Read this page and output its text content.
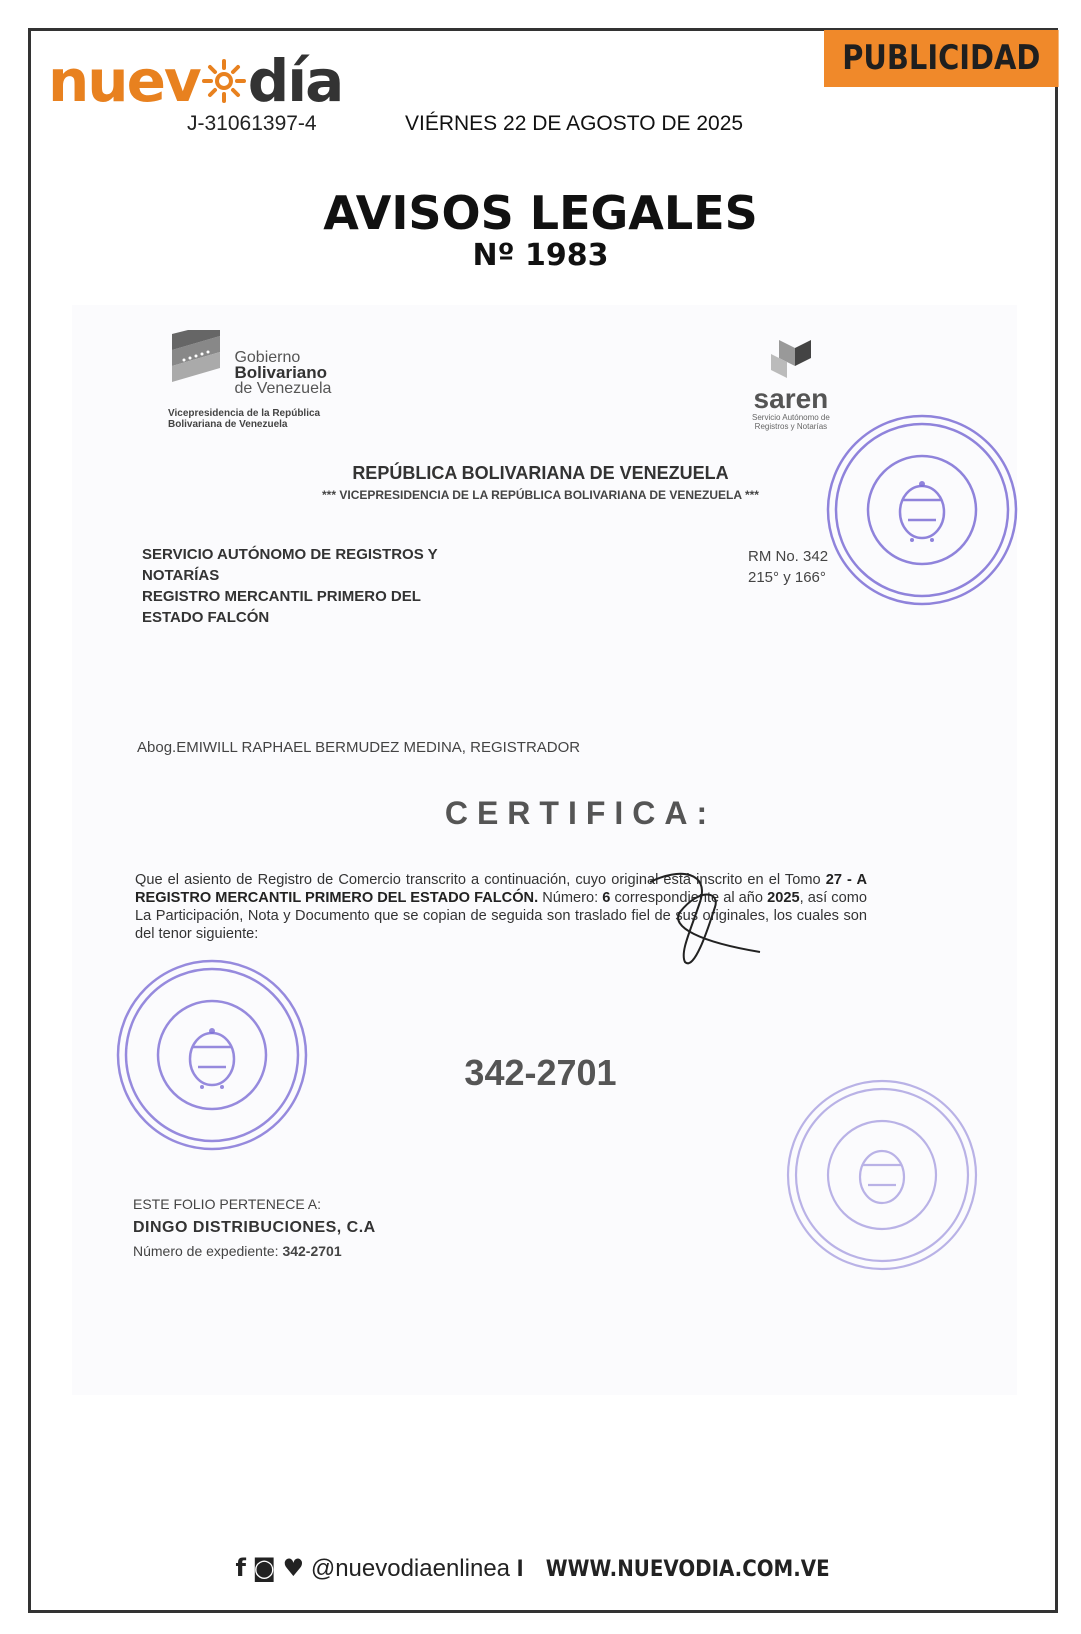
nuev día
J-31061397-4	VIÉRNES 22 DE AGOSTO DE 2025
PUBLICIDAD
AVISOS LEGALES
Nº 1983

Gobierno
Bolivariano
de Venezuela
Vicepresidencia de la República
Bolivariana de Venezuela
saren
Servicio Autónomo de
Registros y Notarías
REPÚBLICA BOLIVARIANA DE VENEZUELA
*** VICEPRESIDENCIA DE LA REPÚBLICA BOLIVARIANA DE VENEZUELA ***
SERVICIO AUTÓNOMO DE REGISTROS Y
NOTARÍAS
REGISTRO MERCANTIL PRIMERO DEL
ESTADO FALCÓN
RM No. 342
215° y 166°
Abog.EMIWILL RAPHAEL BERMUDEZ MEDINA, REGISTRADOR
CERTIFICA:
Que el asiento de Registro de Comercio transcrito a continuación, cuyo original está inscrito en el Tomo 27 - A REGISTRO MERCANTIL PRIMERO DEL ESTADO FALCÓN. Número: 6 correspondiente al año 2025, así como La Participación, Nota y Documento que se copian de seguida son traslado fiel de sus originales, los cuales son del tenor siguiente:
342-2701
ESTE FOLIO PERTENECE A:
DINGO DISTRIBUCIONES, C.A
Número de expediente: 342-2701
f ◙ ♥ @nuevodiaenlinea I WWW.NUEVODIA.COM.VE
